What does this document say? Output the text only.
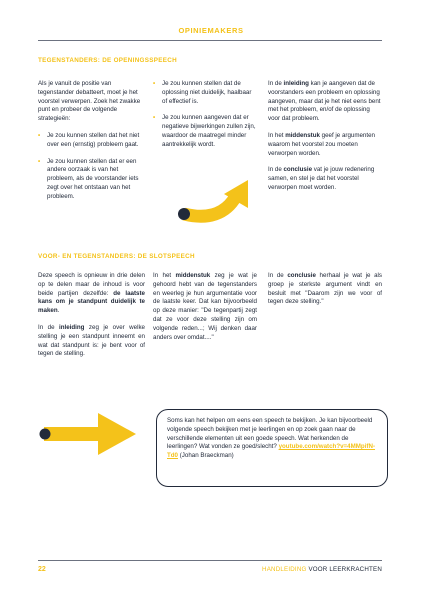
OPINIEMAKERS
TEGENSTANDERS: DE OPENINGSSPEECH

Als je vanuit de positie van tegenstander debatteert, moet je het voorstel verwerpen. Zoek het zwakke punt en probeer de volgende strategieën:

• Je zou kunnen stellen dat het niet over een (ernstig) probleem gaat.
• Je zou kunnen stellen dat er een andere oorzaak is van het probleem, als de voorstander iets zegt over het ontstaan van het probleem.
• Je zou kunnen stellen dat de oplossing niet duidelijk, haalbaar of effectief is.
• Je zou kunnen aangeven dat er negatieve bijwerkingen zullen zijn, waardoor de maatregel minder aantrekkelijk wordt.

In de inleiding kan je aangeven dat de voorstanders een probleem en oplossing aangeven, maar dat je het niet eens bent met het probleem, en/of de oplossing voor dat probleem.

In het middenstuk geef je argumenten waarom het voorstel zou moeten verworpen worden.

In de conclusie vat je jouw redenering samen, en stel je dat het voorstel verworpen moet worden.

VOOR- EN TEGENSTANDERS: DE SLOTSPEECH

Deze speech is opnieuw in drie delen op te delen maar de inhoud is voor beide partijen dezelfde: de laatste kans om je standpunt duidelijk te maken.

In de inleiding zeg je over welke stelling je een standpunt inneemt en wat dat standpunt is: je bent voor of tegen de stelling.

In het middenstuk zeg je wat je gehoord hebt van de tegenstanders en weerleg je hun argumentatie voor de laatste keer. Dat kan bijvoorbeeld op deze manier: "De tegenpartij zegt dat ze voor deze stelling zijn om volgende reden...; Wij denken daar anders over omdat...."

In de conclusie herhaal je wat je als groep je sterkste argument vindt en besluit met "Daarom zijn we voor of tegen deze stelling."

Soms kan het helpen om eens een speech te bekijken. Je kan bijvoorbeeld volgende speech bekijken met je leerlingen en op zoek gaan naar de verschillende elementen uit een goede speech. Wat herkenden de leerlingen? Wat vonden ze goed/slecht? youtube.com/watch?v=4MMpifN-Td0 (Johan Braeckman)
22	HANDLEIDING VOOR LEERKRACHTEN
